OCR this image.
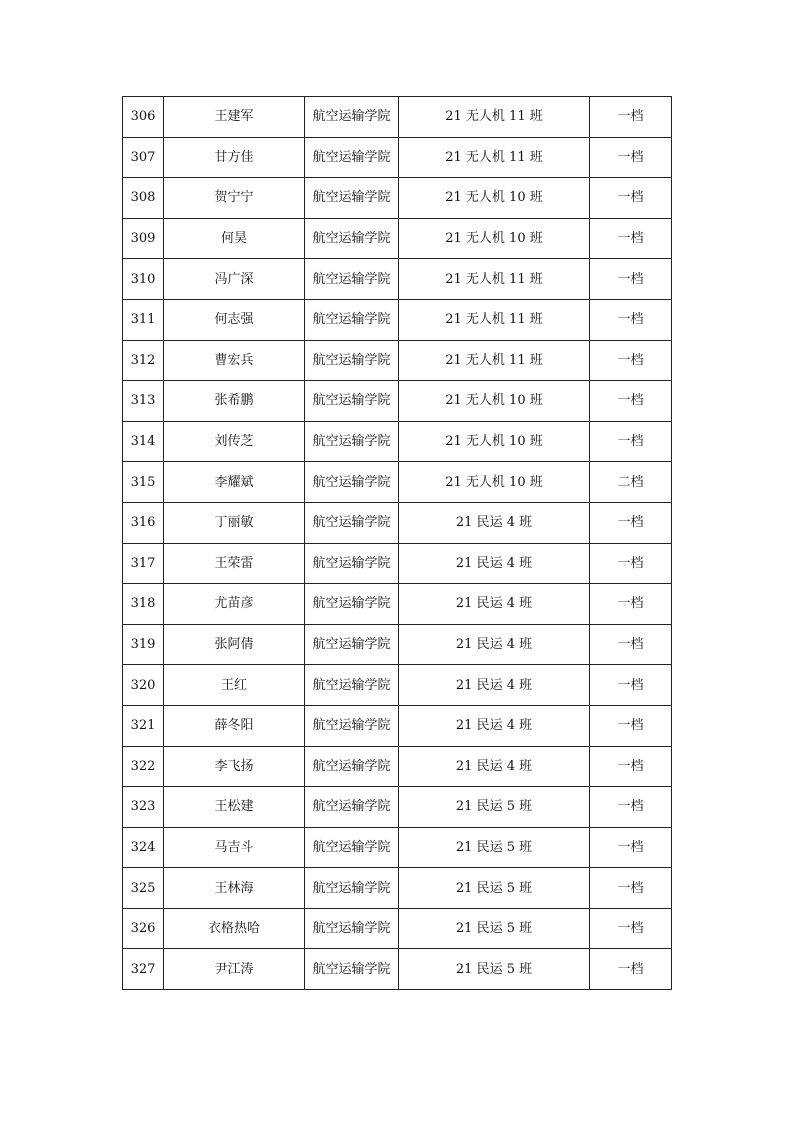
306	王建军	航空运输学院	21 无人机 11 班	一档
307	甘方佳	航空运输学院	21 无人机 11 班	一档
308	贺宁宁	航空运输学院	21 无人机 10 班	一档
309	何昊	航空运输学院	21 无人机 10 班	一档
310	冯广深	航空运输学院	21 无人机 11 班	一档
311	何志强	航空运输学院	21 无人机 11 班	一档
312	曹宏兵	航空运输学院	21 无人机 11 班	一档
313	张希鹏	航空运输学院	21 无人机 10 班	一档
314	刘传芝	航空运输学院	21 无人机 10 班	一档
315	李耀斌	航空运输学院	21 无人机 10 班	二档
316	丁丽敏	航空运输学院	21 民运 4 班	一档
317	王荣雷	航空运输学院	21 民运 4 班	一档
318	尤苗彦	航空运输学院	21 民运 4 班	一档
319	张阿倩	航空运输学院	21 民运 4 班	一档
320	王红	航空运输学院	21 民运 4 班	一档
321	薛冬阳	航空运输学院	21 民运 4 班	一档
322	李飞扬	航空运输学院	21 民运 4 班	一档
323	王松建	航空运输学院	21 民运 5 班	一档
324	马吉斗	航空运输学院	21 民运 5 班	一档
325	王林海	航空运输学院	21 民运 5 班	一档
326	衣格热哈	航空运输学院	21 民运 5 班	一档
327	尹江涛	航空运输学院	21 民运 5 班	一档
